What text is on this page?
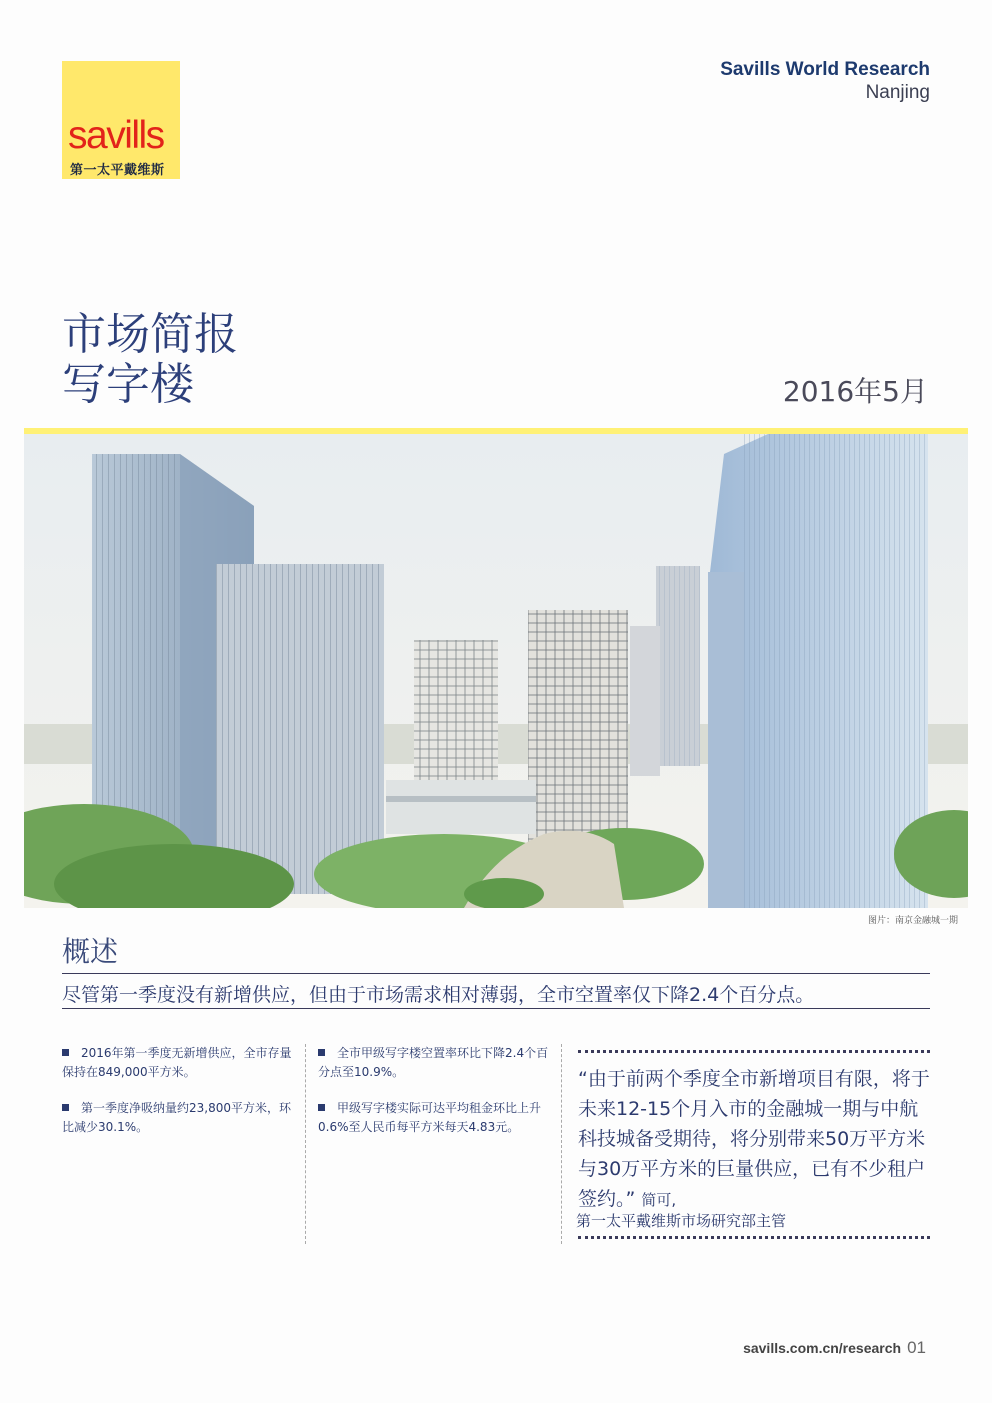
savills
第一太平戴维斯
Savills World Research
Nanjing
市场简报
写字楼	2016年5月
图片：南京金融城一期
概述
尽管第一季度没有新增供应，但由于市场需求相对薄弱，全市空置率仅下降2.4个百分点。

2016年第一季度无新增供应，全市存量保持在849,000平方米。

第一季度净吸纳量约23,800平方米，环比减少30.1%。

全市甲级写字楼空置率环比下降2.4个百分点至10.9%。

甲级写字楼实际可达平均租金环比上升0.6%至人民币每平方米每天4.83元。

“由于前两个季度全市新增项目有限，将于未来12-15个月入市的金融城一期与中航科技城备受期待，将分别带来50万平方米与30万平方米的巨量供应，已有不少租户签约。” 简可,
第一太平戴维斯市场研究部主管
savills.com.cn/research 01
